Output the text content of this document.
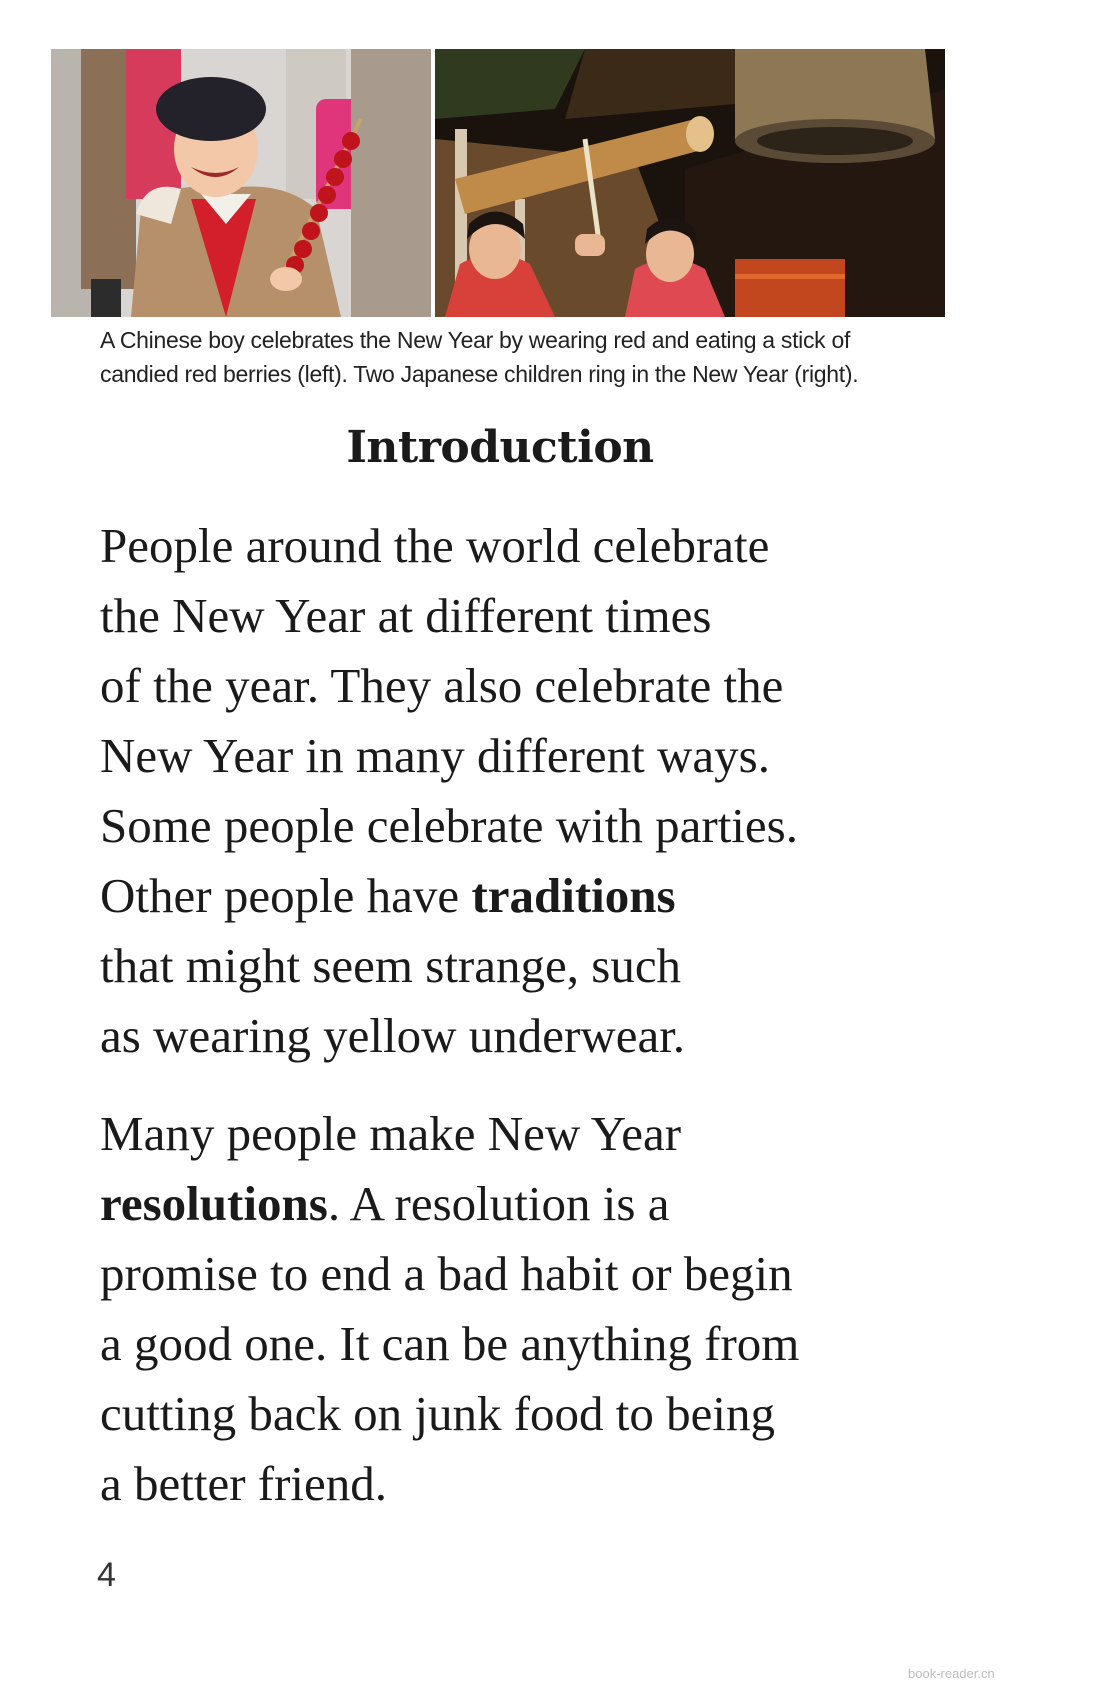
A Chinese boy celebrates the New Year by wearing red and eating a stick of
candied red berries (left). Two Japanese children ring in the New Year (right).

Introduction

People around the world celebrate
the New Year at different times
of the year. They also celebrate the
New Year in many different ways.
Some people celebrate with parties.
Other people have traditions
that might seem strange, such
as wearing yellow underwear.

Many people make New Year
resolutions. A resolution is a
promise to end a bad habit or begin
a good one. It can be anything from
cutting back on junk food to being
a better friend.

4

book-reader.cn
